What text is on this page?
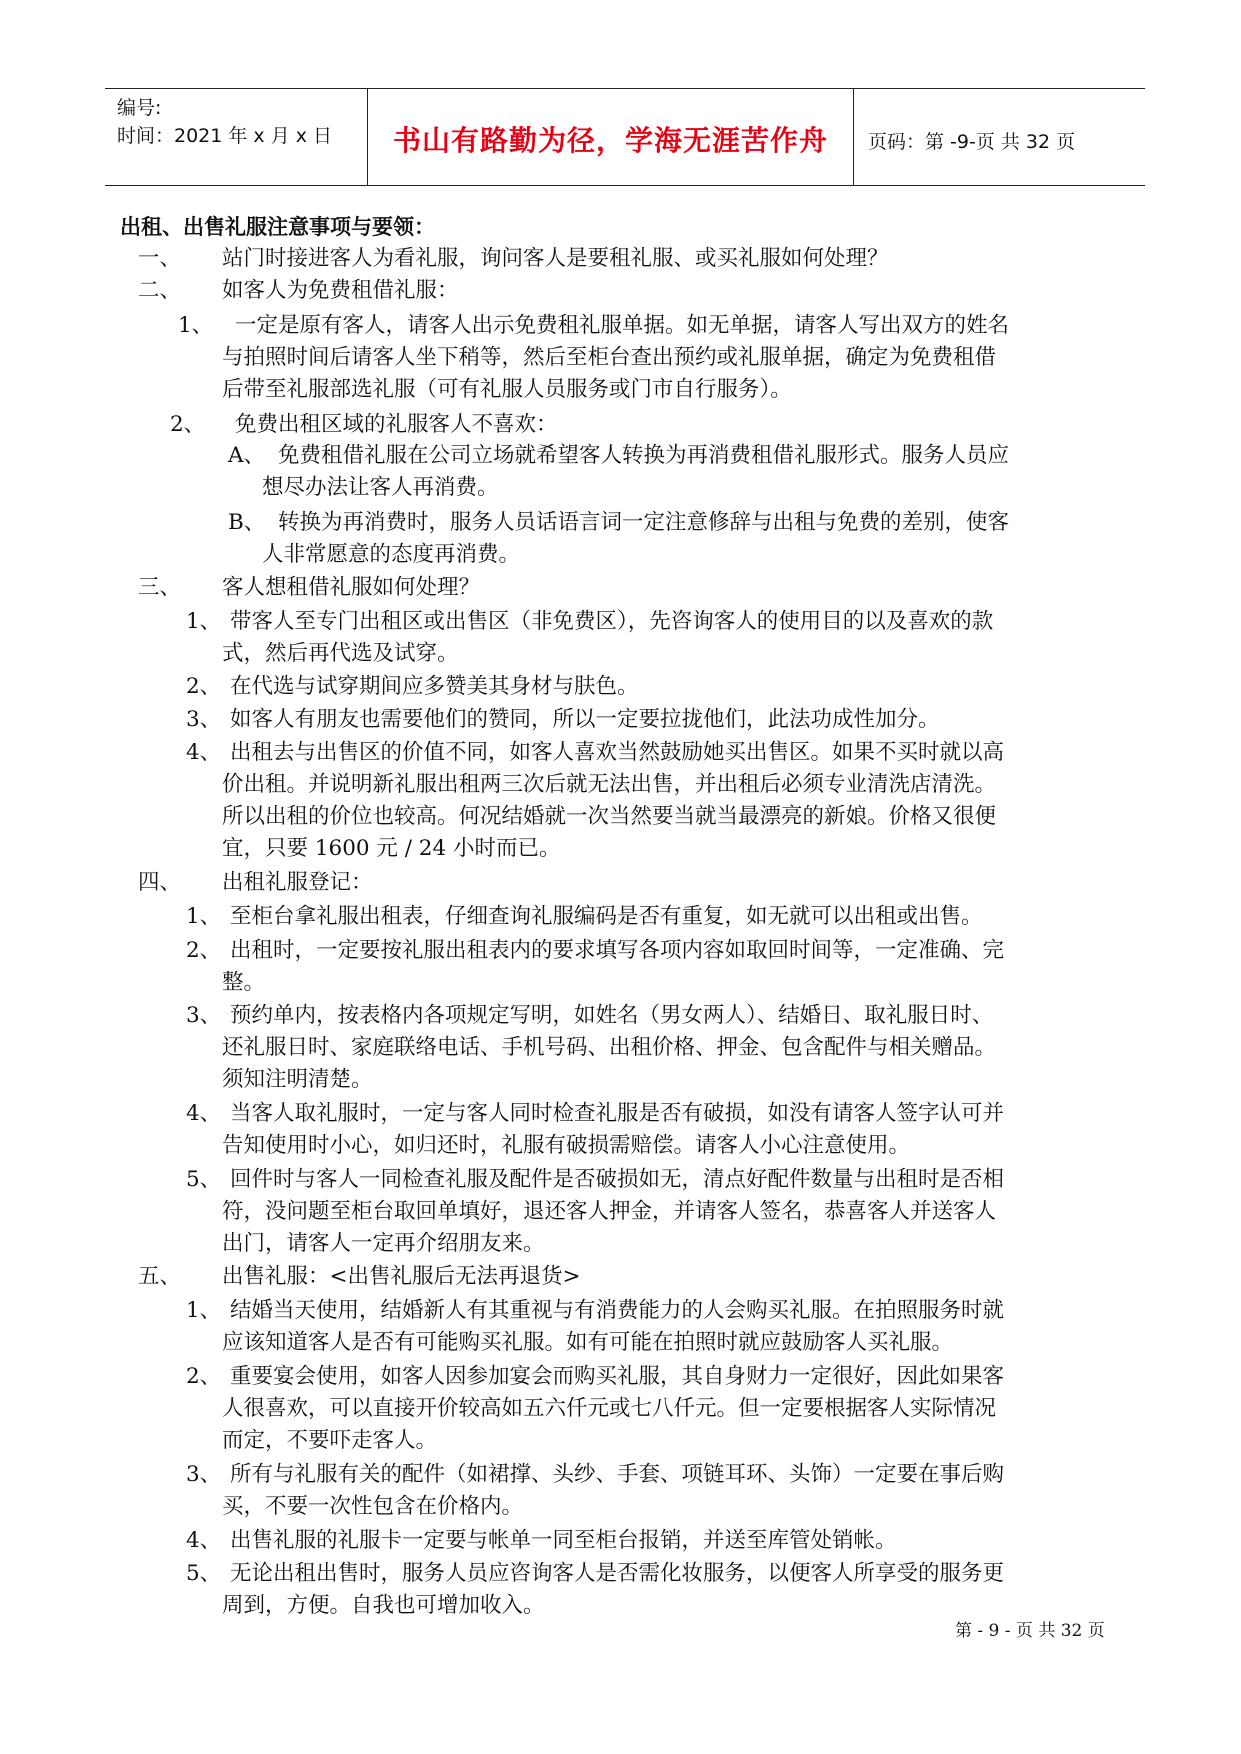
编号:
时间：2021 年 x 月 x 日	书山有路勤为径，学海无涯苦作舟	页码：第 -9-页 共 32 页
出租、出售礼服注意事项与要领：
一、 站门时接进客人为看礼服，询问客人是要租礼服、或买礼服如何处理？
二、 如客人为免费租借礼服：
1、 一定是原有客人，请客人出示免费租礼服单据。如无单据，请客人写出双方的姓名
与拍照时间后请客人坐下稍等，然后至柜台查出预约或礼服单据，确定为免费租借
后带至礼服部选礼服（可有礼服人员服务或门市自行服务）。
2、 免费出租区域的礼服客人不喜欢：
A、 免费租借礼服在公司立场就希望客人转换为再消费租借礼服形式。服务人员应
想尽办法让客人再消费。
B、 转换为再消费时，服务人员话语言词一定注意修辞与出租与免费的差别，使客
人非常愿意的态度再消费。
三、 客人想租借礼服如何处理？
1、 带客人至专门出租区或出售区（非免费区），先咨询客人的使用目的以及喜欢的款
式，然后再代选及试穿。
2、 在代选与试穿期间应多赞美其身材与肤色。
3、 如客人有朋友也需要他们的赞同，所以一定要拉拢他们，此法功成性加分。
4、 出租去与出售区的价值不同，如客人喜欢当然鼓励她买出售区。如果不买时就以高
价出租。并说明新礼服出租两三次后就无法出售，并出租后必须专业清洗店清洗。
所以出租的价位也较高。何况结婚就一次当然要当就当最漂亮的新娘。价格又很便
宜，只要 1600 元 / 24 小时而已。
四、 出租礼服登记：
1、 至柜台拿礼服出租表，仔细查询礼服编码是否有重复，如无就可以出租或出售。
2、 出租时，一定要按礼服出租表内的要求填写各项内容如取回时间等，一定准确、完
整。
3、 预约单内，按表格内各项规定写明，如姓名（男女两人）、结婚日、取礼服日时、
还礼服日时、家庭联络电话、手机号码、出租价格、押金、包含配件与相关赠品。
须知注明清楚。
4、 当客人取礼服时，一定与客人同时检查礼服是否有破损，如没有请客人签字认可并
告知使用时小心，如归还时，礼服有破损需赔偿。请客人小心注意使用。
5、 回件时与客人一同检查礼服及配件是否破损如无，清点好配件数量与出租时是否相
符，没问题至柜台取回单填好，退还客人押金，并请客人签名，恭喜客人并送客人
出门，请客人一定再介绍朋友来。
五、 出售礼服：<出售礼服后无法再退货>
1、 结婚当天使用，结婚新人有其重视与有消费能力的人会购买礼服。在拍照服务时就
应该知道客人是否有可能购买礼服。如有可能在拍照时就应鼓励客人买礼服。
2、 重要宴会使用，如客人因参加宴会而购买礼服，其自身财力一定很好，因此如果客
人很喜欢，可以直接开价较高如五六仟元或七八仟元。但一定要根据客人实际情况
而定，不要吓走客人。
3、 所有与礼服有关的配件（如裙撑、头纱、手套、项链耳环、头饰）一定要在事后购
买，不要一次性包含在价格内。
4、 出售礼服的礼服卡一定要与帐单一同至柜台报销，并送至库管处销帐。
5、 无论出租出售时，服务人员应咨询客人是否需化妆服务，以便客人所享受的服务更
周到，方便。自我也可增加收入。
第 - 9 - 页 共 32 页
